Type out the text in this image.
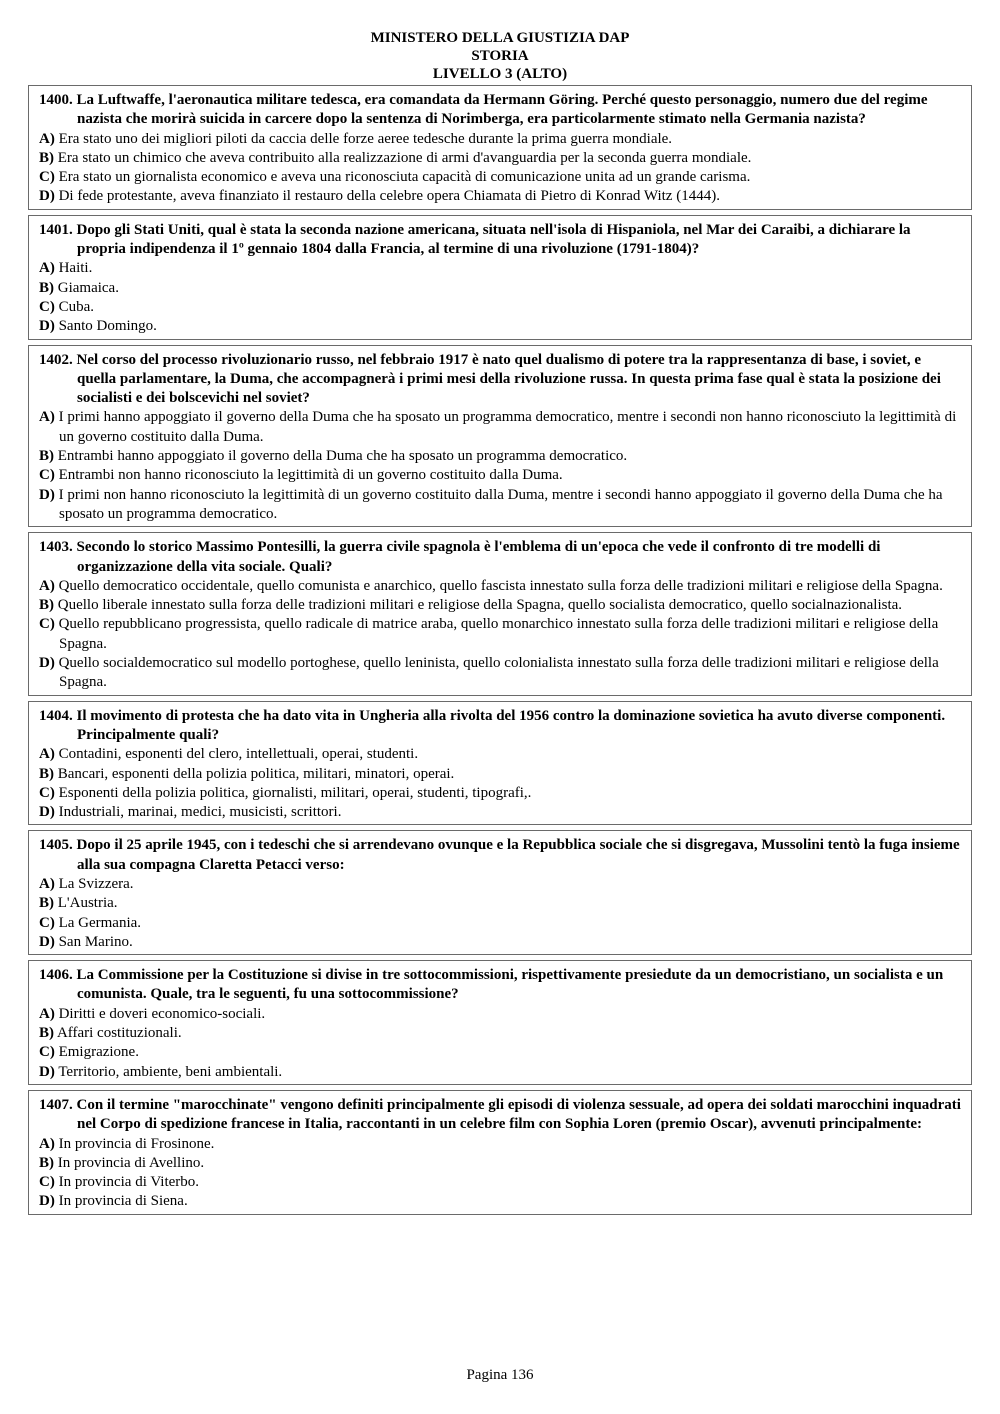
MINISTERO DELLA GIUSTIZIA DAP
STORIA
LIVELLO 3 (ALTO)
1400. La Luftwaffe, l'aeronautica militare tedesca, era comandata da Hermann Göring. Perché questo personaggio, numero due del regime nazista che morirà suicida in carcere dopo la sentenza di Norimberga, era particolarmente stimato nella Germania nazista?
A) Era stato uno dei migliori piloti da caccia delle forze aeree tedesche durante la prima guerra mondiale.
B) Era stato un chimico che aveva contribuito alla realizzazione di armi d'avanguardia per la seconda guerra mondiale.
C) Era stato un giornalista economico e aveva una riconosciuta capacità di comunicazione unita ad un grande carisma.
D) Di fede protestante, aveva finanziato il restauro della celebre opera Chiamata di Pietro di Konrad Witz (1444).
1401. Dopo gli Stati Uniti, qual è stata la seconda nazione americana, situata nell'isola di Hispaniola, nel Mar dei Caraibi, a dichiarare la propria indipendenza il 1º gennaio 1804 dalla Francia, al termine di una rivoluzione (1791-1804)?
A) Haiti.
B) Giamaica.
C) Cuba.
D) Santo Domingo.
1402. Nel corso del processo rivoluzionario russo, nel febbraio 1917 è nato quel dualismo di potere tra la rappresentanza di base, i soviet, e quella parlamentare, la Duma, che accompagnerà i primi mesi della rivoluzione russa. In questa prima fase qual è stata la posizione dei socialisti e dei bolscevichi nel soviet?
A) I primi hanno appoggiato il governo della Duma che ha sposato un programma democratico, mentre i secondi non hanno riconosciuto la legittimità di un governo costituito dalla Duma.
B) Entrambi hanno appoggiato il governo della Duma che ha sposato un programma democratico.
C) Entrambi non hanno riconosciuto la legittimità di un governo costituito dalla Duma.
D) I primi non hanno riconosciuto la legittimità di un governo costituito dalla Duma, mentre i secondi hanno appoggiato il governo della Duma che ha sposato un programma democratico.
1403. Secondo lo storico Massimo Pontesilli, la guerra civile spagnola è l'emblema di un'epoca che vede il confronto di tre modelli di organizzazione della vita sociale. Quali?
A) Quello democratico occidentale, quello comunista e anarchico, quello fascista innestato sulla forza delle tradizioni militari e religiose della Spagna.
B) Quello liberale innestato sulla forza delle tradizioni militari e religiose della Spagna, quello socialista democratico, quello socialnazionalista.
C) Quello repubblicano progressista, quello radicale di matrice araba, quello monarchico innestato sulla forza delle tradizioni militari e religiose della Spagna.
D) Quello socialdemocratico sul modello portoghese, quello leninista, quello colonialista innestato sulla forza delle tradizioni militari e religiose della Spagna.
1404. Il movimento di protesta che ha dato vita in Ungheria alla rivolta del 1956 contro la dominazione sovietica ha avuto diverse componenti. Principalmente quali?
A) Contadini, esponenti del clero, intellettuali, operai, studenti.
B) Bancari, esponenti della polizia politica, militari, minatori, operai.
C) Esponenti della polizia politica, giornalisti, militari, operai, studenti, tipografi,.
D) Industriali, marinai, medici, musicisti, scrittori.
1405. Dopo il 25 aprile 1945, con i tedeschi che si arrendevano ovunque e la Repubblica sociale che si disgregava, Mussolini tentò la fuga insieme alla sua compagna Claretta Petacci verso:
A) La Svizzera.
B) L'Austria.
C) La Germania.
D) San Marino.
1406. La Commissione per la Costituzione si divise in tre sottocommissioni, rispettivamente presiedute da un democristiano, un socialista e un comunista. Quale, tra le seguenti, fu una sottocommissione?
A) Diritti e doveri economico-sociali.
B) Affari costituzionali.
C) Emigrazione.
D) Territorio, ambiente, beni ambientali.
1407. Con il termine "marocchinate" vengono definiti principalmente gli episodi di violenza sessuale, ad opera dei soldati marocchini inquadrati nel Corpo di spedizione francese in Italia, raccontanti in un celebre film con Sophia Loren (premio Oscar), avvenuti principalmente:
A) In provincia di Frosinone.
B) In provincia di Avellino.
C) In provincia di Viterbo.
D) In provincia di Siena.
Pagina 136
